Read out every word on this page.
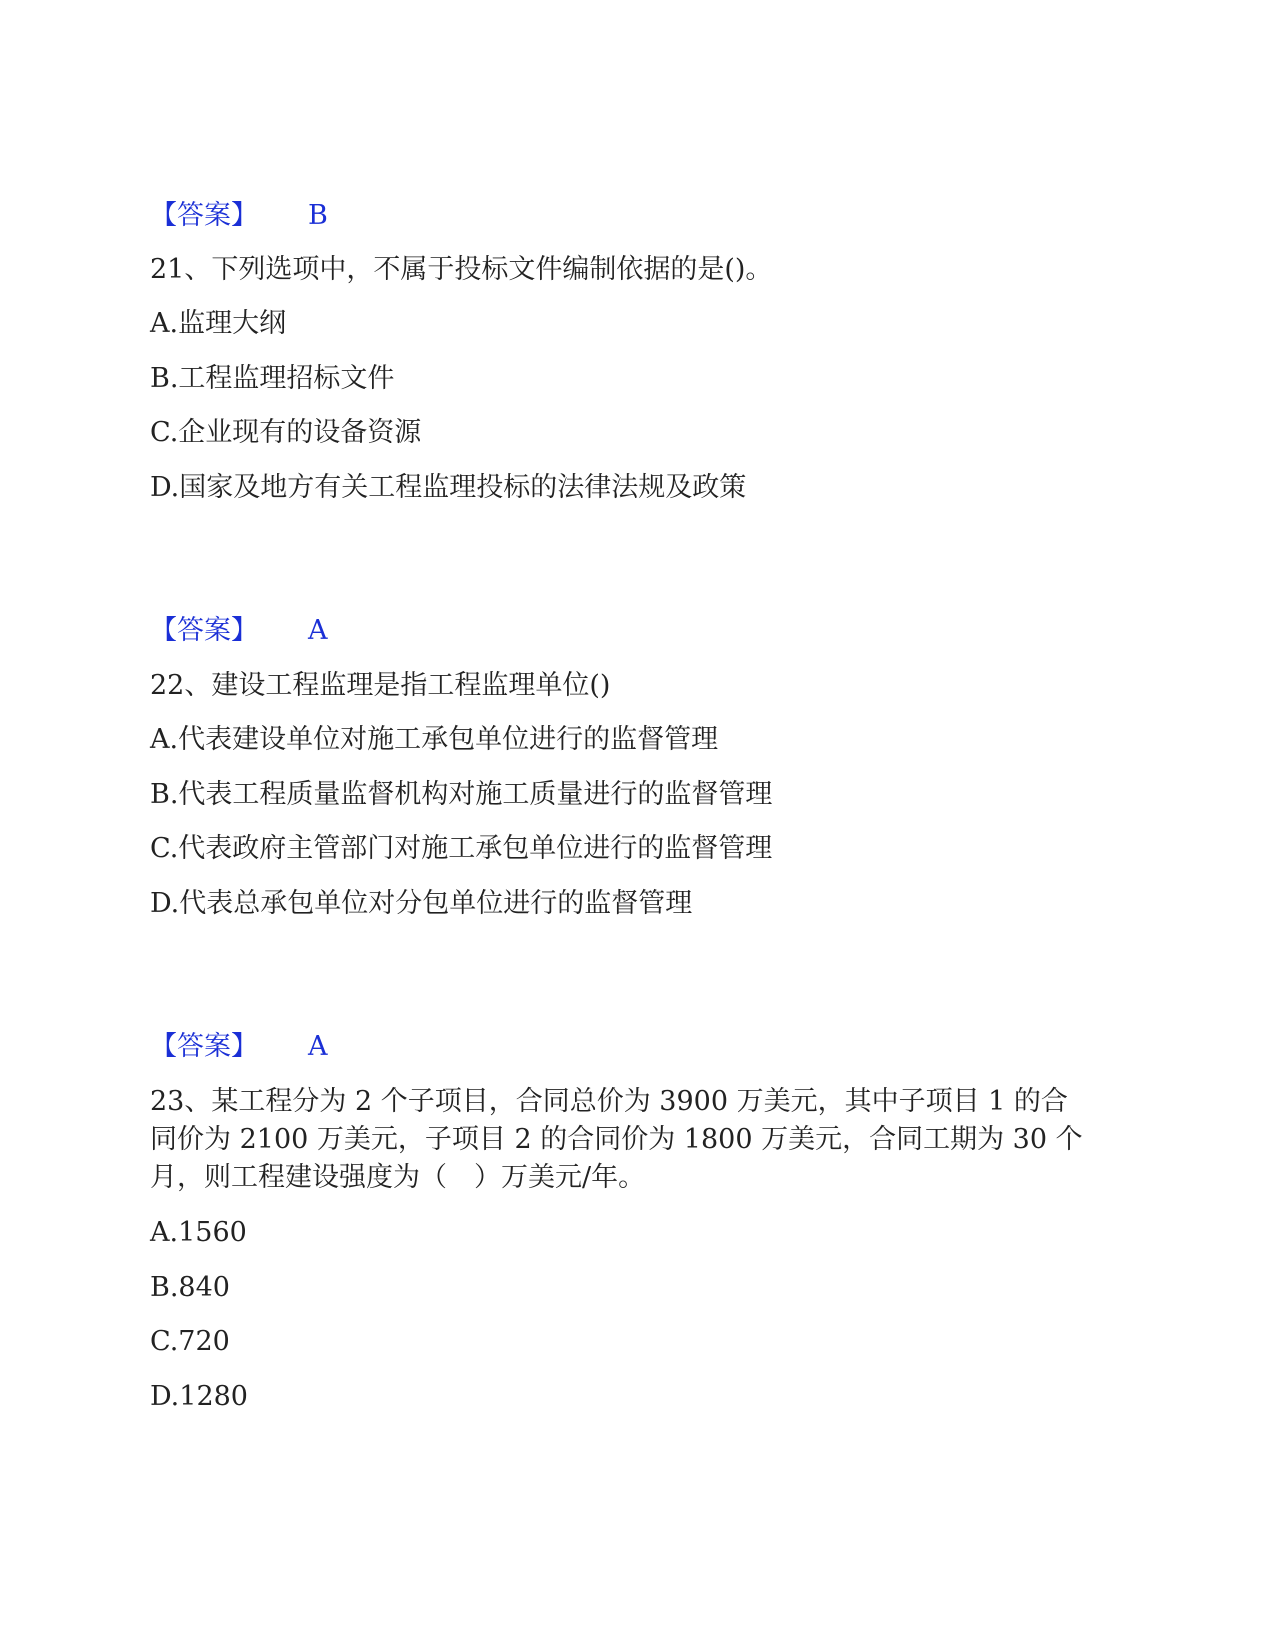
【答案】 B
21、下列选项中，不属于投标文件编制依据的是()。
A.监理大纲
B.工程监理招标文件
C.企业现有的设备资源
D.国家及地方有关工程监理投标的法律法规及政策
【答案】 A
22、建设工程监理是指工程监理单位()
A.代表建设单位对施工承包单位进行的监督管理
B.代表工程质量监督机构对施工质量进行的监督管理
C.代表政府主管部门对施工承包单位进行的监督管理
D.代表总承包单位对分包单位进行的监督管理
【答案】 A
23、某工程分为 2 个子项目，合同总价为 3900 万美元，其中子项目 1 的合
同价为 2100 万美元，子项目 2 的合同价为 1800 万美元，合同工期为 30 个
月，则工程建设强度为（　）万美元/年。
A.1560
B.840
C.720
D.1280
